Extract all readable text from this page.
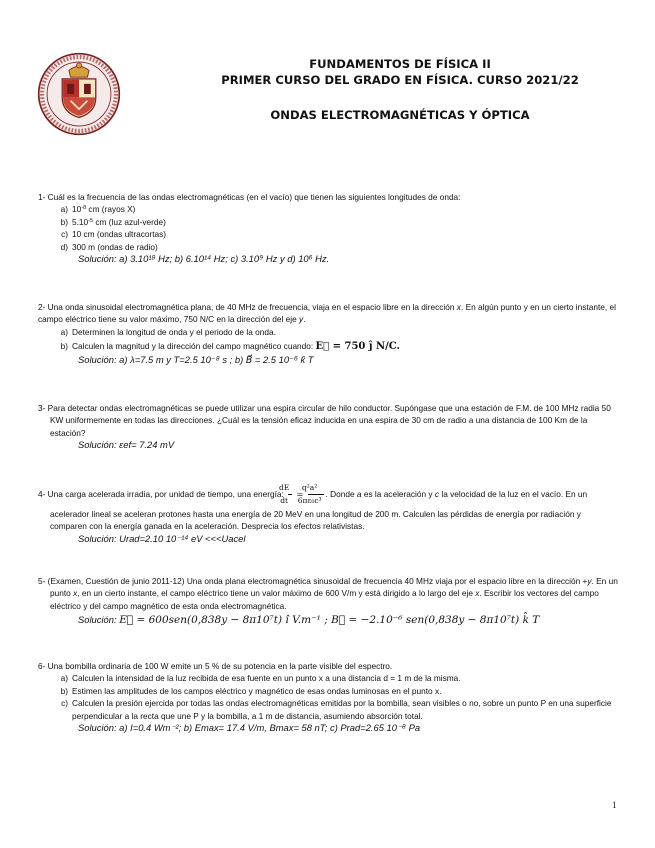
FUNDAMENTOS DE FÍSICA II
PRIMER CURSO DEL GRADO EN FÍSICA. CURSO 2021/22
ONDAS ELECTROMAGNÉTICAS Y ÓPTICA

1- Cuál es la frecuencia de las ondas electromagnéticas (en el vacío) que tienen las siguientes longitudes de onda:

a) $10^{-8}$ cm (rayos X)
b) $5.10^{-5}$ cm (luz azul-verde)
c) 10 cm (ondas ultracortas)
d) 300 m (ondas de radio)

Solución: a) 3.10¹⁸ Hz; b) 6.10¹⁴ Hz; c) 3.10⁹ Hz y d) 10⁶ Hz.

2- Una onda sinusoidal electromagnética plana, de 40 MHz de frecuencia, viaja en el espacio libre en la dirección x. En algún punto y en un cierto instante, el campo eléctrico tiene su valor máximo, 750 N/C en la dirección del eje y.

a) Determinen la longitud de onda y el periodo de la onda.
b) Calculen la magnitud y la dirección del campo magnético cuando: E⃗ = 750 ĵ N/C.

Solución: a) λ=7.5 m y T=2.5 10⁻⁸ s ; b) B⃗ = 2.5 10⁻⁶ k̂ T

3- Para detectar ondas electromagnéticas se puede utilizar una espira circular de hilo conductor. Supóngase que una estación de F.M. de 100 MHz radia 50 KW uniformemente en todas las direcciones. ¿Cuál es la tensión eficaz inducida en una espira de 30 cm de radio a una distancia de 100 Km de la estación?

Solución: εef= 7.24 mV

4- Una carga acelerada irradia, por unidad de tiempo, una energía: $\frac{dE}{dt} = \frac{\text{q²a²}}{\text{6πε₀c³}}$ . Donde a es la aceleración y c la velocidad de la luz en el vacío. En un acelerador lineal se aceleran protones hasta una energía de 20 MeV en una longitud de 200 m. Calculen las pérdidas de energía por radiación y comparen con la energía ganada en la aceleración. Desprecia los efectos relativistas.

Solución: Urad=2.10 10⁻¹⁴ eV <<<Uacel

5- (Examen, Cuestión de junio 2011-12) Una onda plana electromagnética sinusoidal de frecuencia 40 MHz viaja por el espacio libre en la dirección +y. En un punto x, en un cierto instante, el campo eléctrico tiene un valor máximo de 600 V/m y está dirigido a lo largo del eje x. Escribir los vectores del campo eléctrico y del campo magnético de esta onda electromagnética.

Solución: E⃗ = 600sen(0,838y − 8π10⁷t) î V.m⁻¹ ; B⃗ = −2.10⁻⁶ sen(0,838y − 8π10⁷t) k̂ T

6- Una bombilla ordinaria de 100 W emite un 5 % de su potencia en la parte visible del espectro.

a) Calculen la intensidad de la luz recibida de esa fuente en un punto x a una distancia d = 1 m de la misma.
b) Estimen las amplitudes de los campos eléctrico y magnético de esas ondas luminosas en el punto x.
c) Calculen la presión ejercida por todas las ondas electromagnéticas emitidas por la bombilla, sean visibles o no, sobre un punto P en una superficie perpendicular a la recta que une P y la bombilla, a 1 m de distancia, asumiendo absorción total.

Solución: a) I=0.4 Wm⁻²; b) Emax= 17.4 V/m, Bmax= 58 nT; c) Prad=2.65 10⁻⁸ Pa

1
